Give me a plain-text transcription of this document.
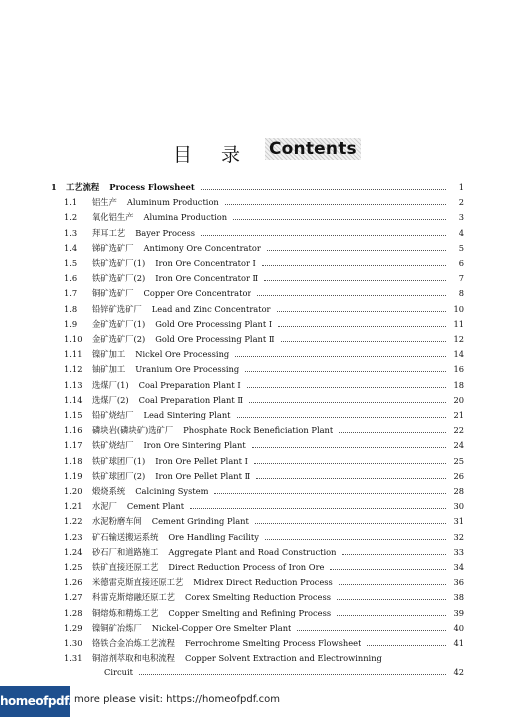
目 录 Contents
1 工艺流程 Process Flowsheet	1
1.1 铝生产 Aluminum Production	2
1.2 氧化铝生产 Alumina Production	3
1.3 拜耳工艺 Bayer Process	4
1.4 锑矿选矿厂 Antimony Ore Concentrator	5
1.5 铁矿选矿厂(1) Iron Ore Concentrator Ⅰ	6
1.6 铁矿选矿厂(2) Iron Ore Concentrator Ⅱ	7
1.7 铜矿选矿厂 Copper Ore Concentrator	8
1.8 铅锌矿选矿厂 Lead and Zinc Concentrator	10
1.9 金矿选矿厂(1) Gold Ore Processing Plant Ⅰ	11
1.10 金矿选矿厂(2) Gold Ore Processing Plant Ⅱ	12
1.11 镍矿加工 Nickel Ore Processing	14
1.12 铀矿加工 Uranium Ore Processing	16
1.13 选煤厂(1) Coal Preparation Plant Ⅰ	18
1.14 选煤厂(2) Coal Preparation Plant Ⅱ	20
1.15 铅矿烧结厂 Lead Sintering Plant	21
1.16 磷块岩(磷块矿)选矿厂 Phosphate Rock Beneficiation Plant	22
1.17 铁矿烧结厂 Iron Ore Sintering Plant	24
1.18 铁矿球团厂(1) Iron Ore Pellet Plant Ⅰ	25
1.19 铁矿球团厂(2) Iron Ore Pellet Plant Ⅱ	26
1.20 煅烧系统 Calcining System	28
1.21 水泥厂 Cement Plant	30
1.22 水泥粉磨车间 Cement Grinding Plant	31
1.23 矿石输送搬运系统 Ore Handling Facility	32
1.24 砂石厂和道路施工 Aggregate Plant and Road Construction	33
1.25 铁矿直接还原工艺 Direct Reduction Process of Iron Ore	34
1.26 米德雷克斯直接还原工艺 Midrex Direct Reduction Process	36
1.27 科雷克斯熔融还原工艺 Corex Smelting Reduction Process	38
1.28 铜熔炼和精炼工艺 Copper Smelting and Refining Process	39
1.29 镍铜矿冶炼厂 Nickel-Copper Ore Smelter Plant	40
1.30 铬铁合金冶炼工艺流程 Ferrochrome Smelting Process Flowsheet	41
1.31 铜溶剂萃取和电积流程 Copper Solvent Extraction and Electrowinning
Circuit	42
homeofpdf.com
more please visit: https://homeofpdf.com
